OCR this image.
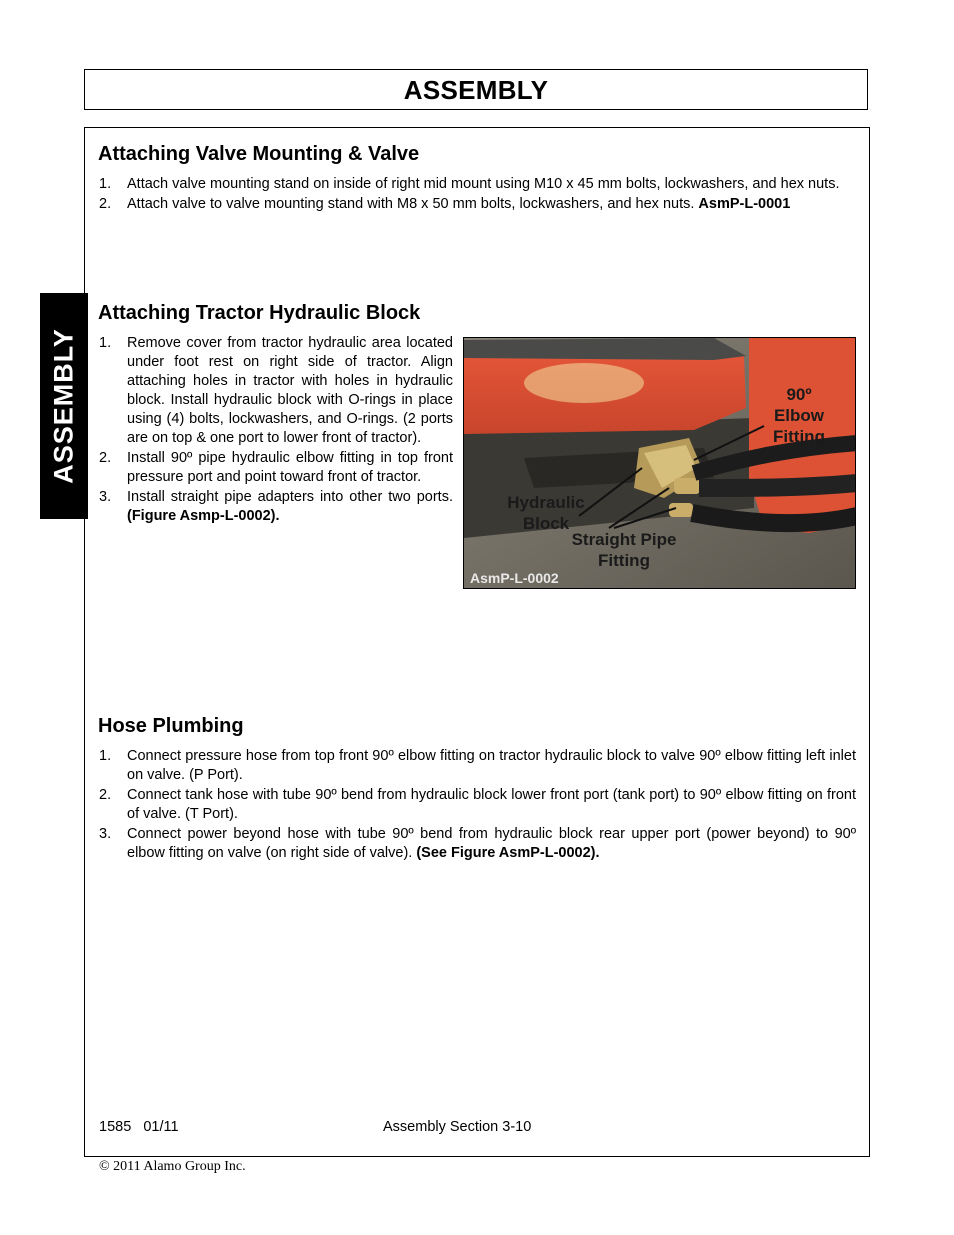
ASSEMBLY
ASSEMBLY
Attaching Valve Mounting & Valve
1. Attach valve mounting stand on inside of right mid mount using M10 x 45 mm bolts, lockwashers, and hex nuts.
2. Attach valve to valve mounting stand with M8 x 50 mm bolts, lockwashers, and hex nuts. AsmP-L-0001
Attaching Tractor Hydraulic Block
1. Remove cover from tractor hydraulic area located under foot rest on right side of tractor. Align attaching holes in tractor with holes in hydraulic block. Install hydraulic block with O-rings in place using (4) bolts, lockwashers, and O-rings. (2 ports are on top & one port to lower front of tractor).
2. Install 90º pipe hydraulic elbow fitting in top front pressure port and point toward front of tractor.
3. Install straight pipe adapters into other two ports. (Figure Asmp-L-0002).
90º Elbow Fitting
Hydraulic Block
Straight Pipe Fitting
AsmP-L-0002
Hose Plumbing
1. Connect pressure hose from top front 90º elbow fitting on tractor hydraulic block to valve 90º elbow fitting left inlet on valve. (P Port).
2. Connect tank hose with tube 90º bend from hydraulic block lower front port (tank port) to 90º elbow fitting on front of valve. (T Port).
3. Connect power beyond hose with tube 90º bend from hydraulic block rear upper port (power beyond) to 90º elbow fitting on valve (on right side of valve). (See Figure AsmP-L-0002).
1585   01/11	Assembly Section 3-10
© 2011 Alamo Group Inc.
